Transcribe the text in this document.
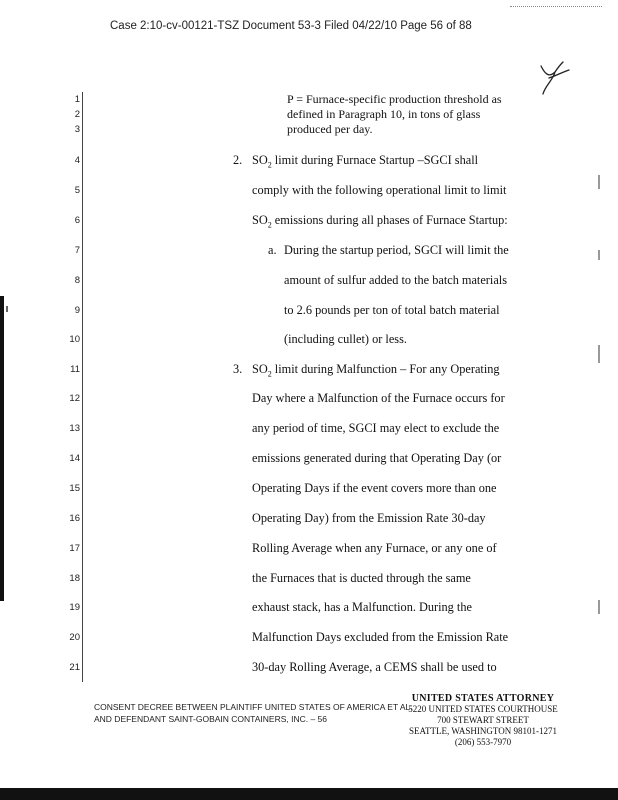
Case 2:10-cv-00121-TSZ Document 53-3 Filed 04/22/10 Page 56 of 88
Y
1
2
3
4
5
6
7
8
9
10
11
12
13
14
15
16
17
18
19
20
21
P = Furnace-specific production threshold as
defined in Paragraph 10, in tons of glass
produced per day.
2. $SO_2$ limit during Furnace Startup –SGCI shall
comply with the following operational limit to limit
$SO_2$ emissions during all phases of Furnace Startup:
a. During the startup period, SGCI will limit the
amount of sulfur added to the batch materials
to 2.6 pounds per ton of total batch material
(including cullet) or less.
3. $SO_2$ limit during Malfunction – For any Operating
Day where a Malfunction of the Furnace occurs for
any period of time, SGCI may elect to exclude the
emissions generated during that Operating Day (or
Operating Days if the event covers more than one
Operating Day) from the Emission Rate 30-day
Rolling Average when any Furnace, or any one of
the Furnaces that is ducted through the same
exhaust stack, has a Malfunction. During the
Malfunction Days excluded from the Emission Rate
30-day Rolling Average, a CEMS shall be used to
CONSENT DECREE BETWEEN PLAINTIFF UNITED STATES OF AMERICA ET AL.
AND DEFENDANT SAINT-GOBAIN CONTAINERS, INC. – 56
UNITED STATES ATTORNEY
5220 UNITED STATES COURTHOUSE
700 STEWART STREET
SEATTLE, WASHINGTON 98101-1271
(206) 553-7970
